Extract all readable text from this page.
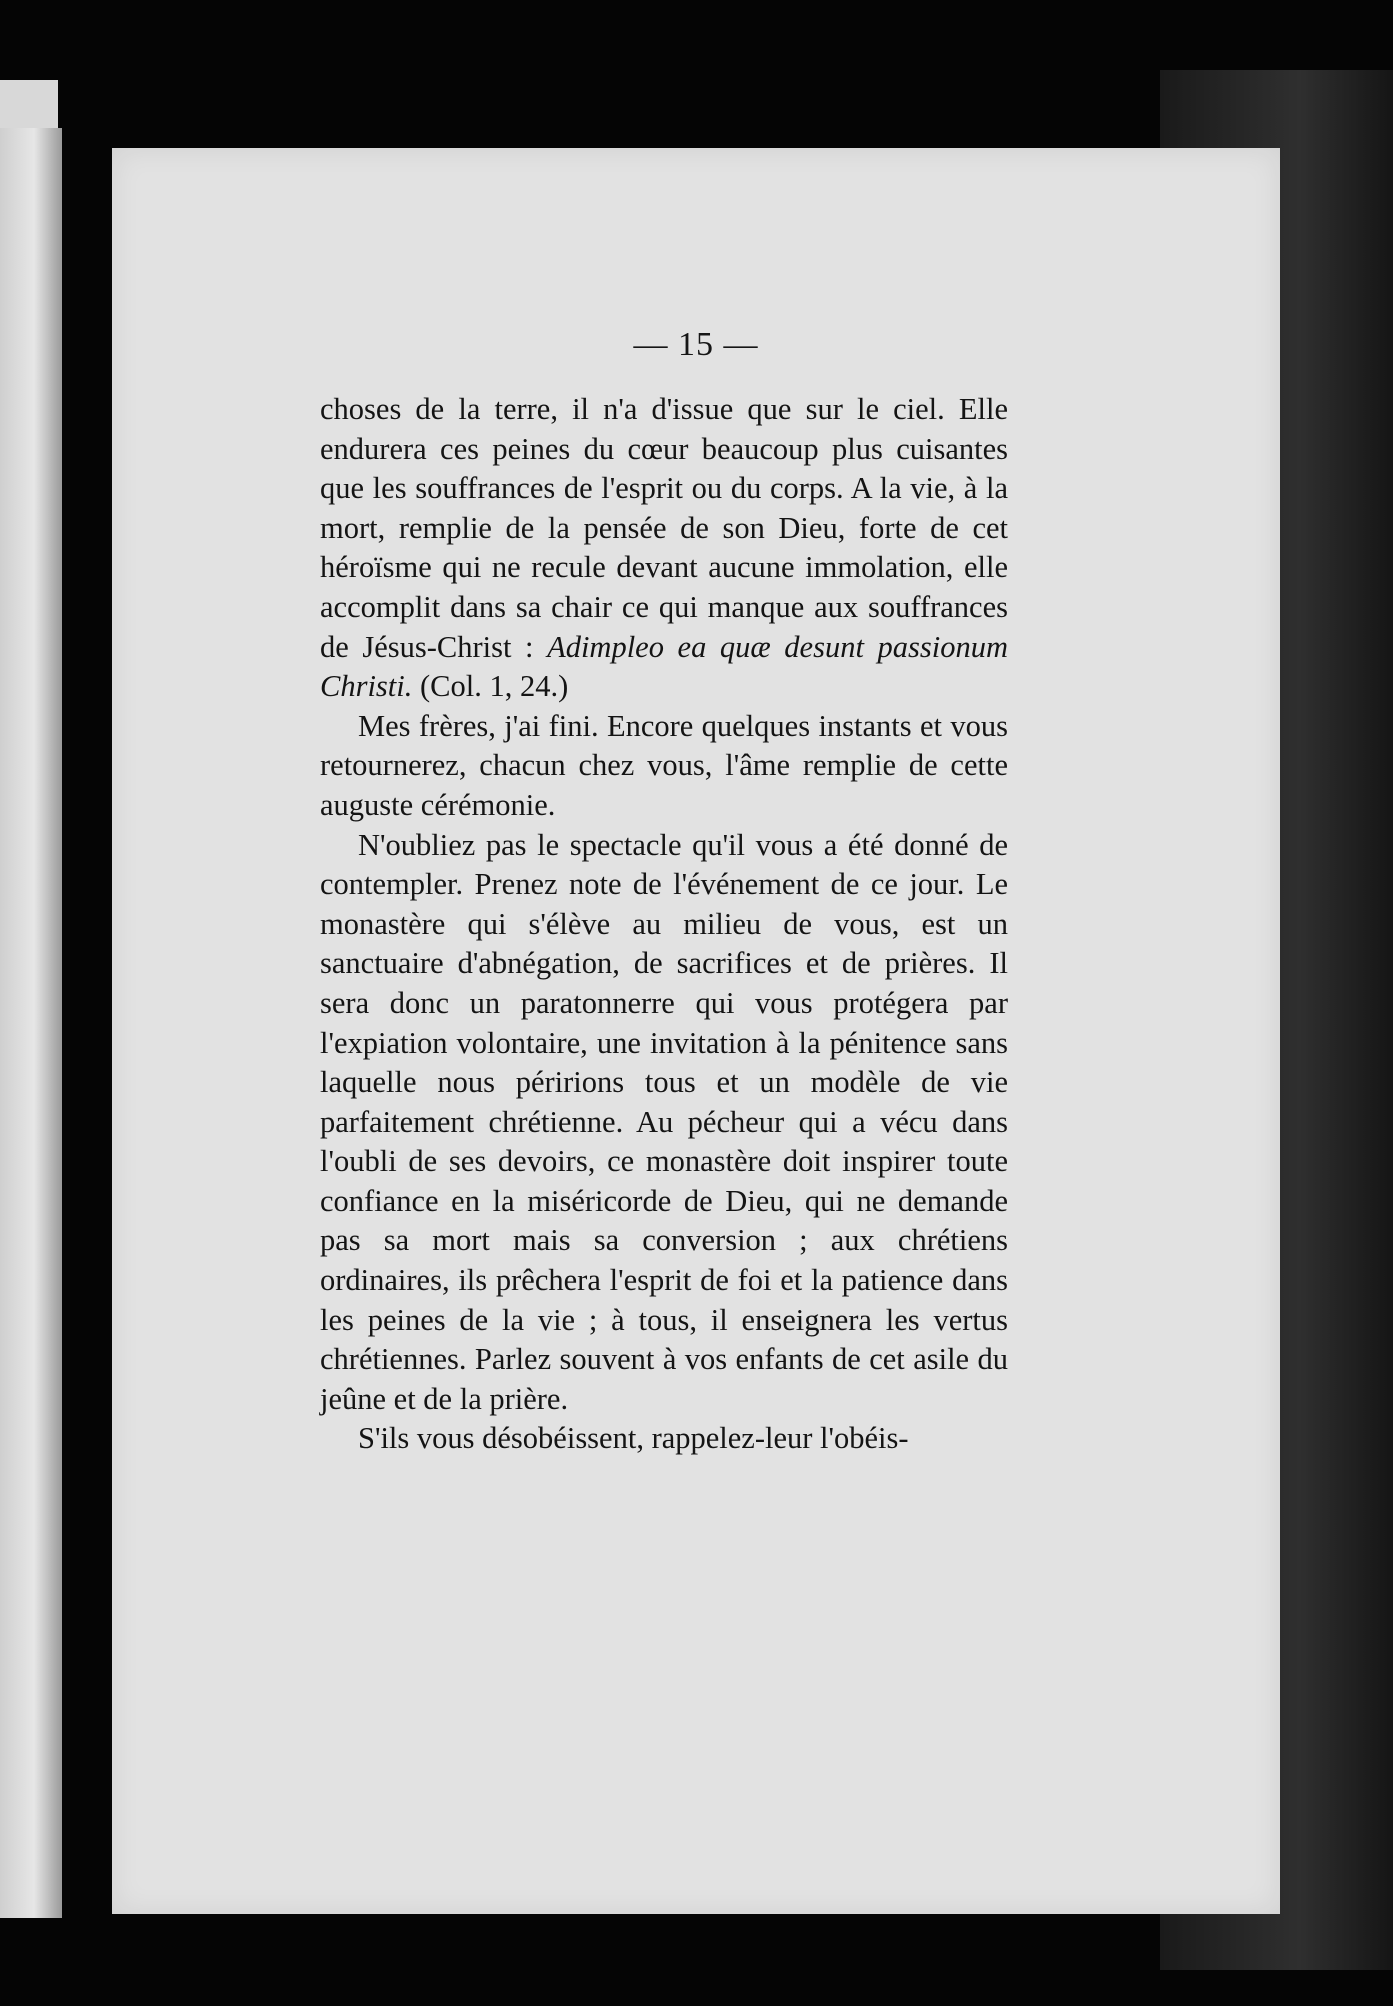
— 15 —

choses de la terre, il n'a d'issue que sur le ciel. Elle endurera ces peines du cœur beaucoup plus cuisantes que les souffrances de l'esprit ou du corps. A la vie, à la mort, remplie de la pensée de son Dieu, forte de cet héroïsme qui ne recule devant aucune immolation, elle accomplit dans sa chair ce qui manque aux souffrances de Jésus-Christ : Adimpleo ea quæ desunt passionum Christi. (Col. 1, 24.)

Mes frères, j'ai fini. Encore quelques instants et vous retournerez, chacun chez vous, l'âme remplie de cette auguste cérémonie.

N'oubliez pas le spectacle qu'il vous a été donné de contempler. Prenez note de l'événement de ce jour. Le monastère qui s'élève au milieu de vous, est un sanctuaire d'abnégation, de sacrifices et de prières. Il sera donc un paratonnerre qui vous protégera par l'expiation volontaire, une invitation à la pénitence sans laquelle nous péririons tous et un modèle de vie parfaitement chrétienne. Au pécheur qui a vécu dans l'oubli de ses devoirs, ce monastère doit inspirer toute confiance en la miséricorde de Dieu, qui ne demande pas sa mort mais sa conversion ; aux chrétiens ordinaires, ils prêchera l'esprit de foi et la patience dans les peines de la vie ; à tous, il enseignera les vertus chrétiennes. Parlez souvent à vos enfants de cet asile du jeûne et de la prière.

S'ils vous désobéissent, rappelez-leur l'obéis-
